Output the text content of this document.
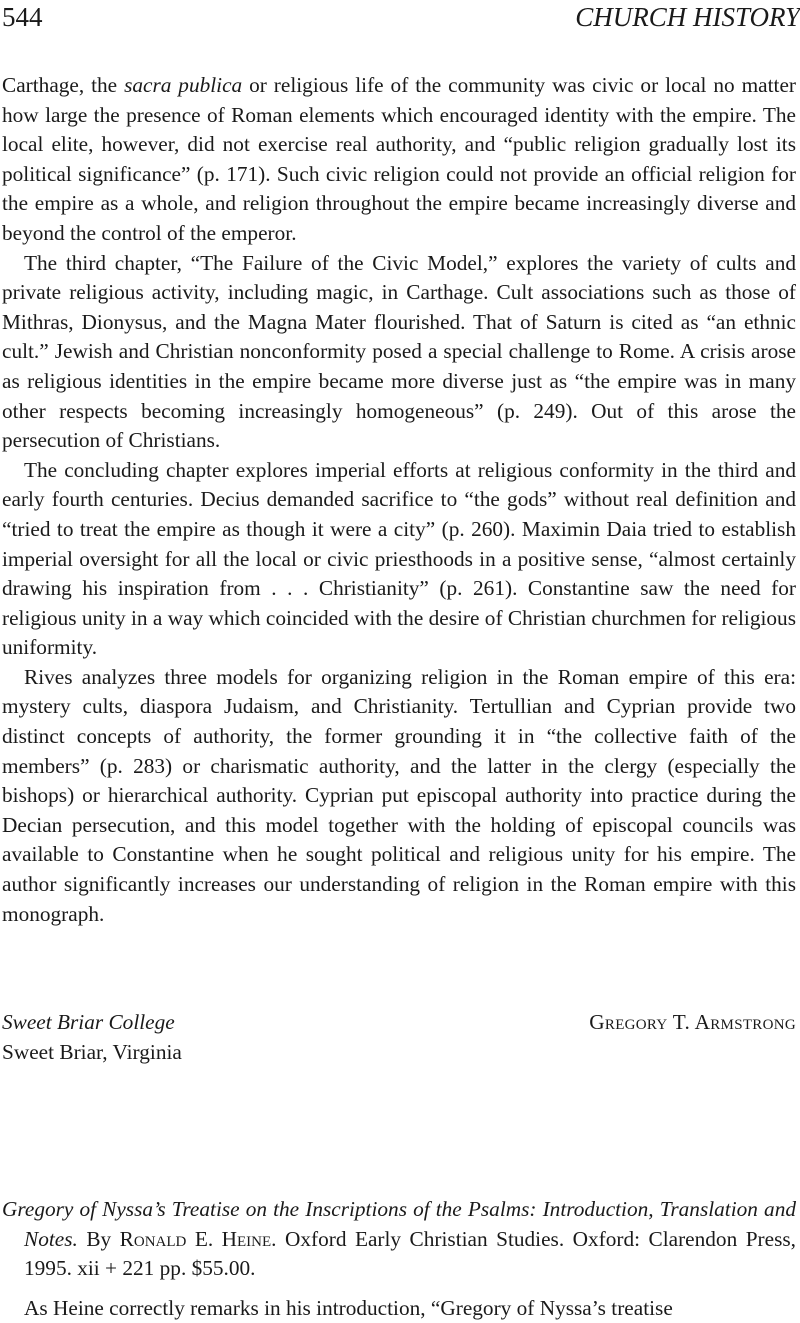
544	CHURCH HISTORY

Carthage, the sacra publica or religious life of the community was civic or local no matter how large the presence of Roman elements which encouraged identity with the empire. The local elite, however, did not exercise real authority, and “public religion gradually lost its political significance” (p. 171). Such civic religion could not provide an official religion for the empire as a whole, and religion throughout the empire became increasingly diverse and beyond the control of the emperor.

The third chapter, “The Failure of the Civic Model,” explores the variety of cults and private religious activity, including magic, in Carthage. Cult associations such as those of Mithras, Dionysus, and the Magna Mater flourished. That of Saturn is cited as “an ethnic cult.” Jewish and Christian nonconformity posed a special challenge to Rome. A crisis arose as religious identities in the empire became more diverse just as “the empire was in many other respects becoming increasingly homogeneous” (p. 249). Out of this arose the persecution of Christians.

The concluding chapter explores imperial efforts at religious conformity in the third and early fourth centuries. Decius demanded sacrifice to “the gods” without real definition and “tried to treat the empire as though it were a city” (p. 260). Maximin Daia tried to establish imperial oversight for all the local or civic priesthoods in a positive sense, “almost certainly drawing his inspiration from . . . Christianity” (p. 261). Constantine saw the need for religious unity in a way which coincided with the desire of Christian churchmen for religious uniformity.

Rives analyzes three models for organizing religion in the Roman empire of this era: mystery cults, diaspora Judaism, and Christianity. Tertullian and Cyprian provide two distinct concepts of authority, the former grounding it in “the collective faith of the members” (p. 283) or charismatic authority, and the latter in the clergy (especially the bishops) or hierarchical authority. Cyprian put episcopal authority into practice during the Decian persecution, and this model together with the holding of episcopal councils was available to Constantine when he sought political and religious unity for his empire. The author significantly increases our understanding of religion in the Roman empire with this monograph.

Sweet Briar College	Gregory T. Armstrong
Sweet Briar, Virginia

Gregory of Nyssa’s Treatise on the Inscriptions of the Psalms: Introduction, Translation and Notes. By Ronald E. Heine. Oxford Early Christian Studies. Oxford: Clarendon Press, 1995. xii + 221 pp. $55.00.

As Heine correctly remarks in his introduction, “Gregory of Nyssa’s treatise
